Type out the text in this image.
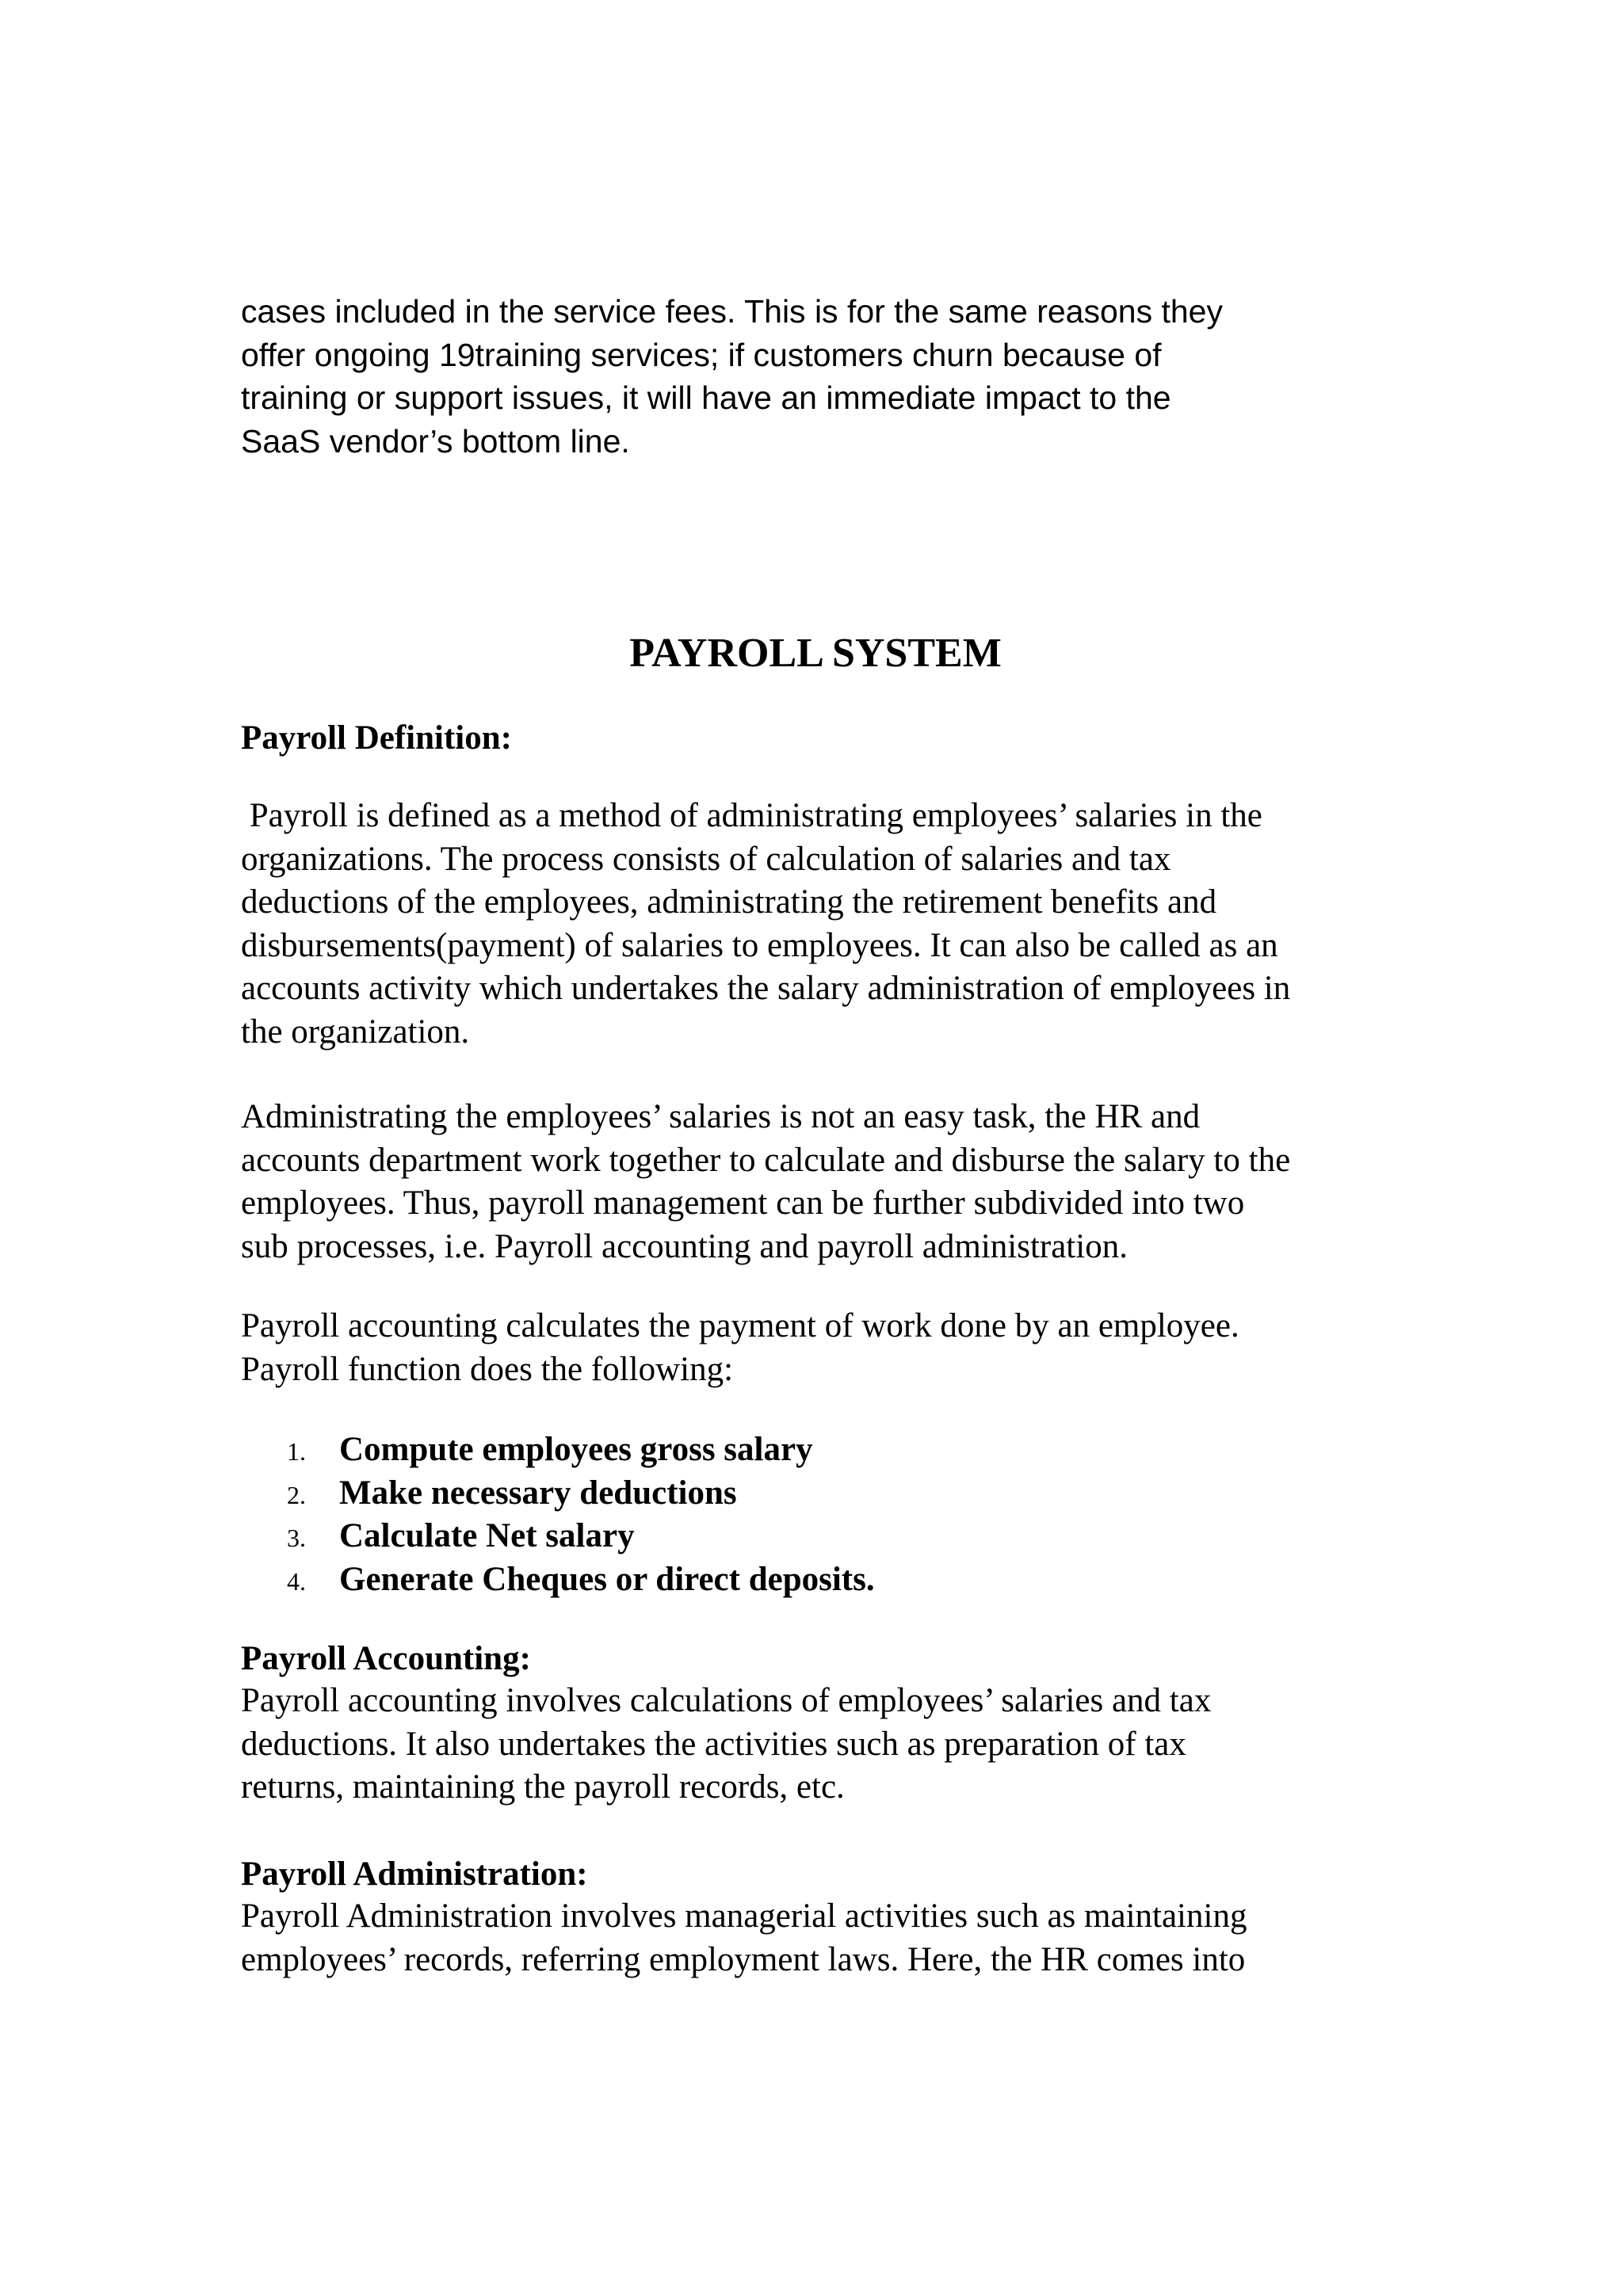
cases included in the service fees. This is for the same reasons they
offer ongoing 19training services; if customers churn because of
training or support issues, it will have an immediate impact to the
SaaS vendor’s bottom line.
PAYROLL SYSTEM
Payroll Definition:
Payroll is defined as a method of administrating employees’ salaries in the
organizations. The process consists of calculation of salaries and tax
deductions of the employees, administrating the retirement benefits and
disbursements(payment) of salaries to employees. It can also be called as an
accounts activity which undertakes the salary administration of employees in
the organization.
Administrating the employees’ salaries is not an easy task, the HR and
accounts department work together to calculate and disburse the salary to the
employees. Thus, payroll management can be further subdivided into two
sub processes, i.e. Payroll accounting and payroll administration.
Payroll accounting calculates the payment of work done by an employee.
Payroll function does the following:
1. Compute employees gross salary
2. Make necessary deductions
3. Calculate Net salary
4. Generate Cheques or direct deposits.
Payroll Accounting:
Payroll accounting involves calculations of employees’ salaries and tax
deductions. It also undertakes the activities such as preparation of tax
returns, maintaining the payroll records, etc.
Payroll Administration:
Payroll Administration involves managerial activities such as maintaining
employees’ records, referring employment laws. Here, the HR comes into
